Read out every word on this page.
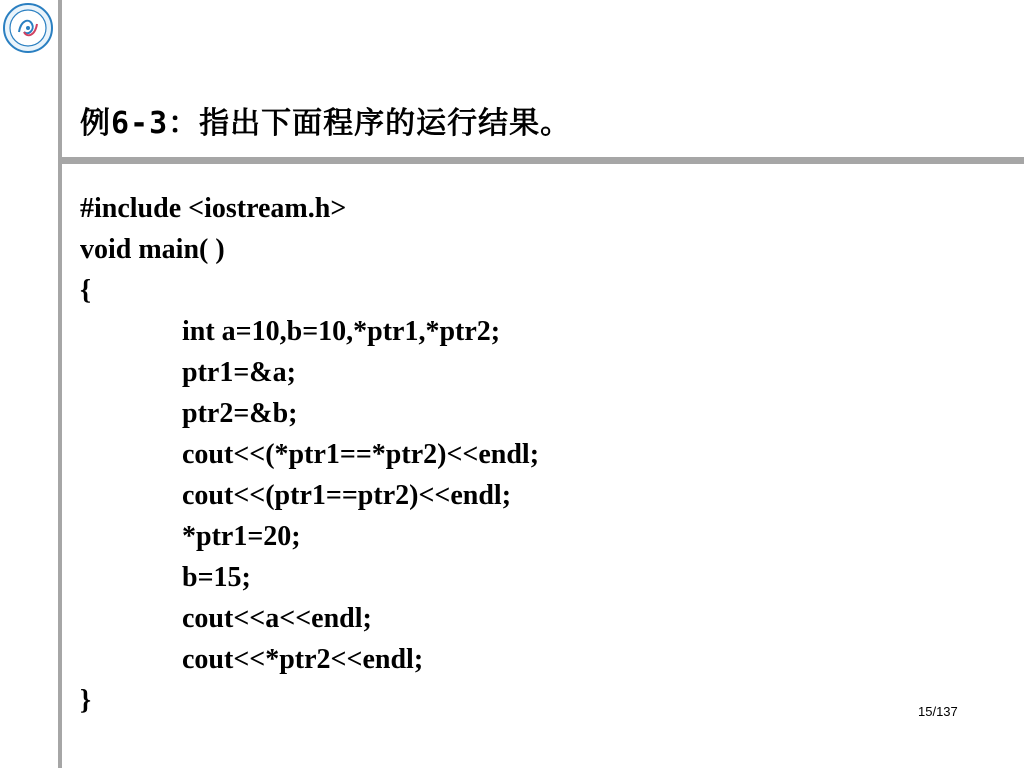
例6-3：指出下面程序的运行结果。
#include <iostream.h>
void main( )
{
int a=10,b=10,*ptr1,*ptr2;
ptr1=&a;
ptr2=&b;
cout<<(*ptr1==*ptr2)<<endl;
cout<<(ptr1==ptr2)<<endl;
*ptr1=20;
b=15;
cout<<a<<endl;
cout<<*ptr2<<endl;
}	15/137
